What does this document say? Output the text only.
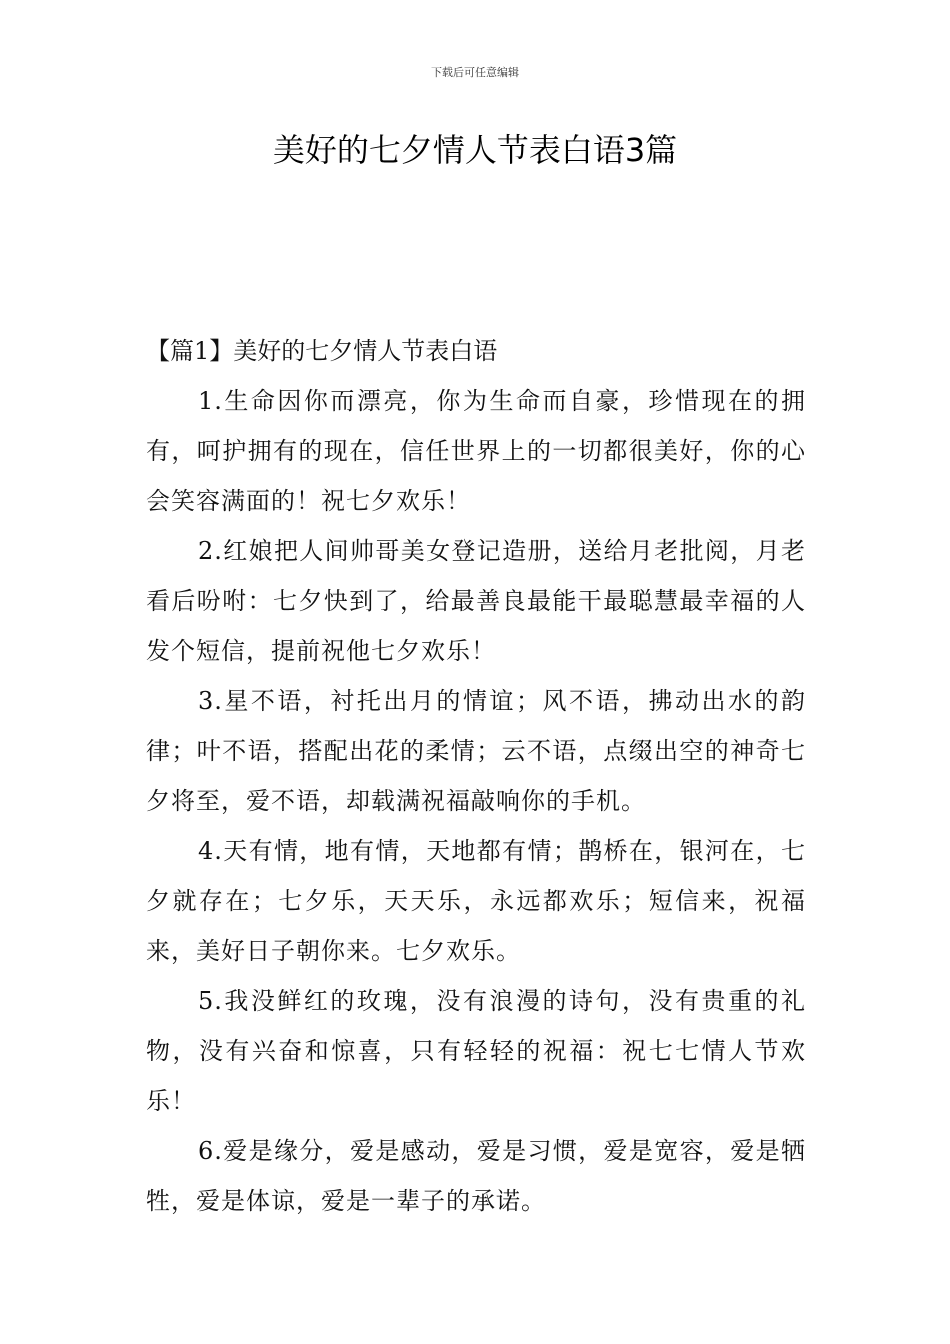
下载后可任意编辑
美好的七夕情人节表白语3篇

【篇1】美好的七夕情人节表白语

1.生命因你而漂亮，你为生命而自豪，珍惜现在的拥有，呵护拥有的现在，信任世界上的一切都很美好，你的心会笑容满面的！祝七夕欢乐！

2.红娘把人间帅哥美女登记造册，送给月老批阅，月老看后吩咐：七夕快到了，给最善良最能干最聪慧最幸福的人发个短信，提前祝他七夕欢乐！

3.星不语，衬托出月的情谊；风不语，拂动出水的韵律；叶不语，搭配出花的柔情；云不语，点缀出空的神奇七夕将至，爱不语，却载满祝福敲响你的手机。

4.天有情，地有情，天地都有情；鹊桥在，银河在，七夕就存在；七夕乐，天天乐，永远都欢乐；短信来，祝福来，美好日子朝你来。七夕欢乐。

5.我没鲜红的玫瑰，没有浪漫的诗句，没有贵重的礼物，没有兴奋和惊喜，只有轻轻的祝福：祝七七情人节欢乐！

6.爱是缘分，爱是感动，爱是习惯，爱是宽容，爱是牺牲，爱是体谅，爱是一辈子的承诺。
